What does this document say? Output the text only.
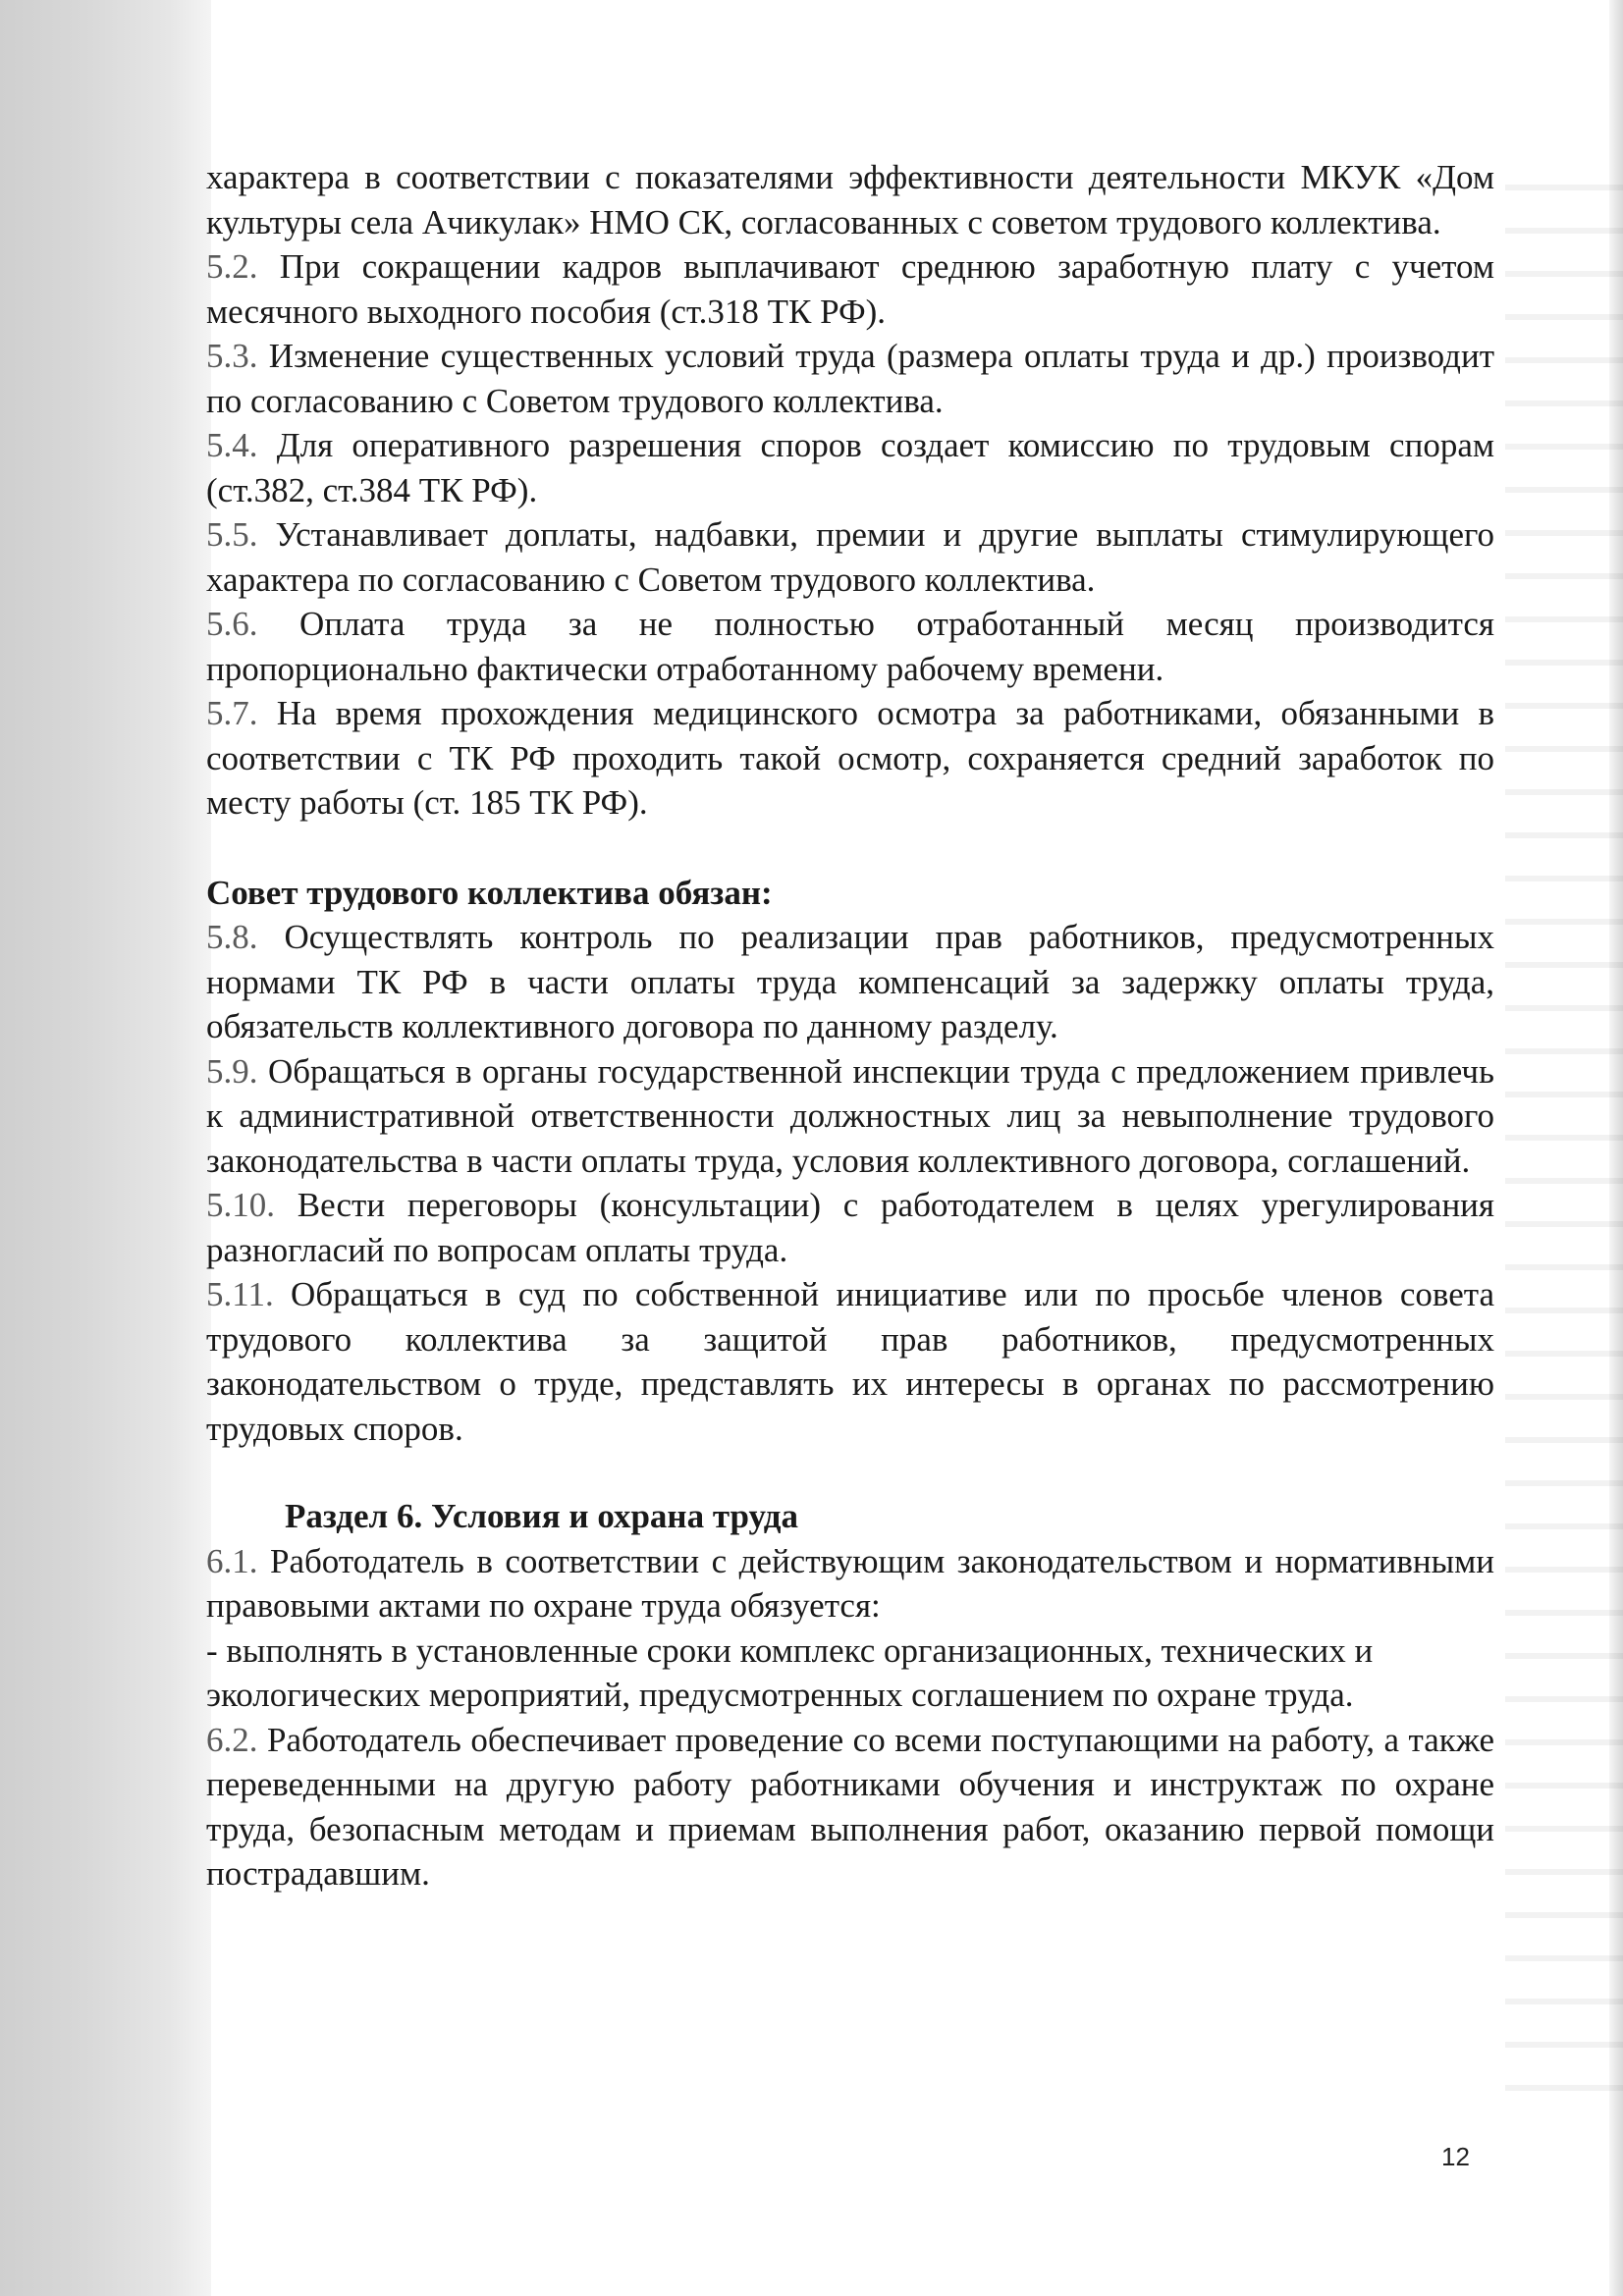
характера в соответствии с показателями эффективности деятельности МКУК «Дом культуры села Ачикулак» НМО СК, согласованных с советом трудового коллектива.

5.2. При сокращении кадров выплачивают среднюю заработную плату с учетом месячного выходного пособия (ст.318 ТК РФ).

5.3. Изменение существенных условий труда (размера оплаты труда и др.) производит по согласованию с Советом трудового коллектива.

5.4. Для оперативного разрешения споров создает комиссию по трудовым спорам (ст.382, ст.384 ТК РФ).

5.5. Устанавливает доплаты, надбавки, премии и другие выплаты стимулирующего характера по согласованию с Советом трудового коллектива.

5.6. Оплата труда за не полностью отработанный месяц производится пропорционально фактически отработанному рабочему времени.

5.7. На время прохождения медицинского осмотра за работниками, обязанными в соответствии с ТК РФ проходить такой осмотр, сохраняется средний заработок по месту работы (ст. 185 ТК РФ).

Совет трудового коллектива обязан:

5.8. Осуществлять контроль по реализации прав работников, предусмотренных нормами ТК РФ в части оплаты труда компенсаций за задержку оплаты труда, обязательств коллективного договора по данному разделу.

5.9. Обращаться в органы государственной инспекции труда с предложением привлечь к административной ответственности должностных лиц за невыполнение трудового законодательства в части оплаты труда, условия коллективного договора, соглашений.

5.10. Вести переговоры (консультации) с работодателем в целях урегулирования разногласий по вопросам оплаты труда.

5.11. Обращаться в суд по собственной инициативе или по просьбе членов совета трудового коллектива за защитой прав работников, предусмотренных законодательством о труде, представлять их интересы в органах по рассмотрению трудовых споров.

Раздел 6. Условия и охрана труда

6.1. Работодатель в соответствии с действующим законодательством и нормативными правовыми актами по охране труда обязуется:

- выполнять в установленные сроки комплекс организационных, технических и экологических мероприятий, предусмотренных соглашением по охране труда.

6.2. Работодатель обеспечивает проведение со всеми поступающими на работу, а также переведенными на другую работу работниками обучения и инструктаж по охране труда, безопасным методам и приемам выполнения работ, оказанию первой помощи пострадавшим.

12
